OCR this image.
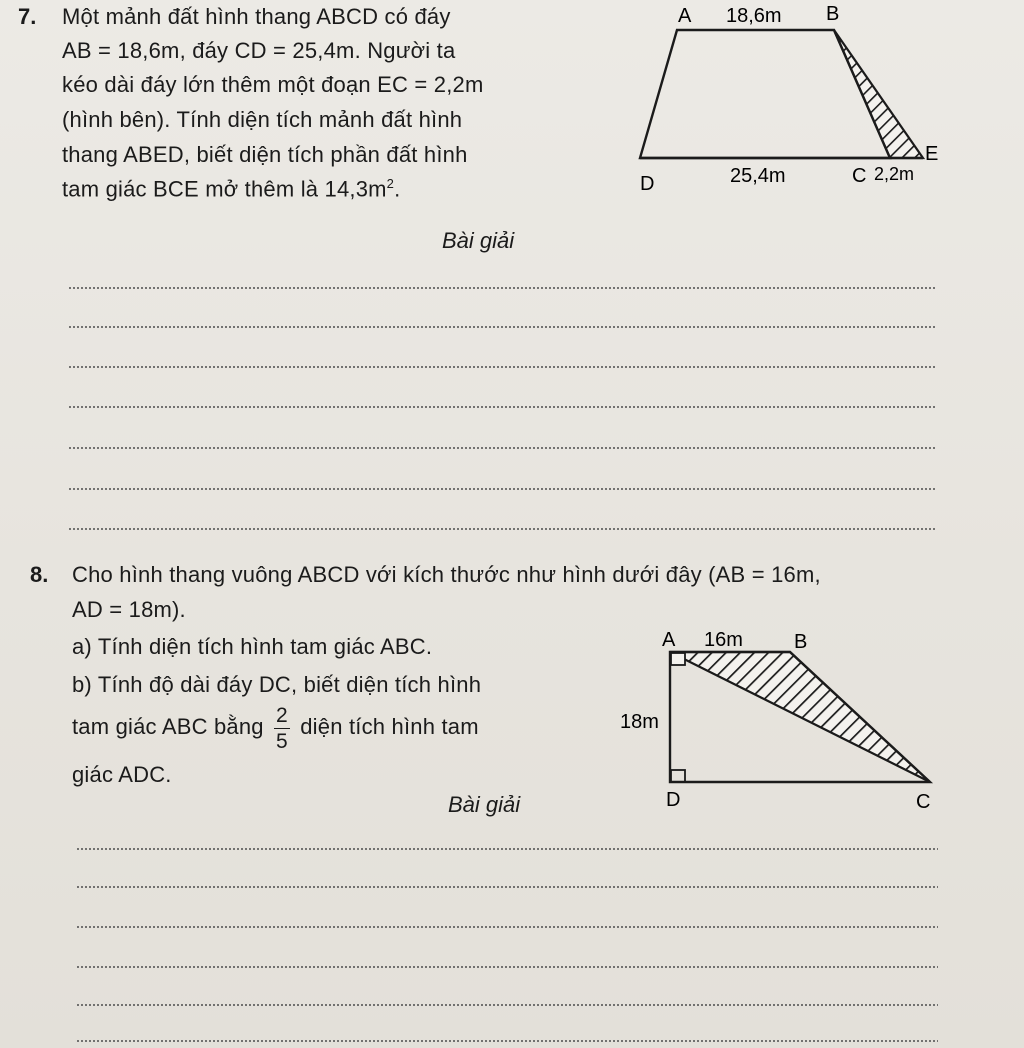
7. Một mảnh đất hình thang ABCD có đáy
AB = 18,6m, đáy CD = 25,4m. Người ta
kéo dài đáy lớn thêm một đoạn EC = 2,2m
(hình bên). Tính diện tích mảnh đất hình
thang ABED, biết diện tích phần đất hình
tam giác BCE mở thêm là $14,3m^2$.
A 18,6m B
E
D	25,4m	C 2,2m
Bài giải
8. Cho hình thang vuông ABCD với kích thước như hình dưới đây (AB = 16m,
AD = 18m).
a) Tính diện tích hình tam giác ABC.
b) Tính độ dài đáy DC, biết diện tích hình
tam giác ABC bằng $\frac{2}{5}$ diện tích hình tam
giác ADC.
A 16m	B
18m
D	C
Bài giải
